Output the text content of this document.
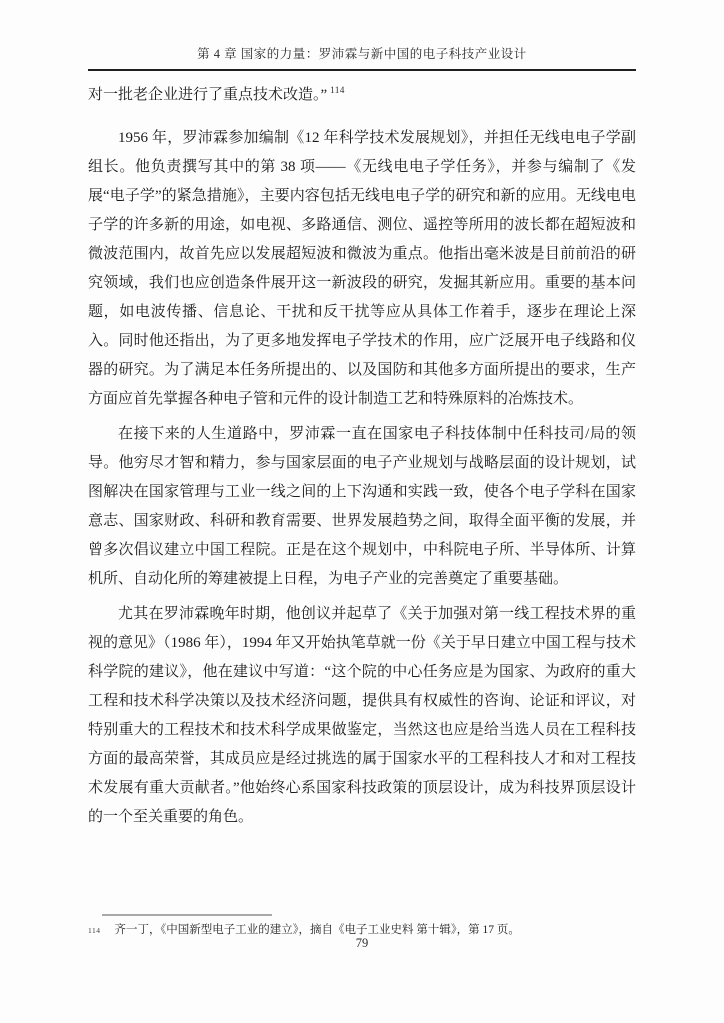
第 4 章 国家的力量：罗沛霖与新中国的电子科技产业设计

对一批老企业进行了重点技术改造。” $^{114}$

1956 年，罗沛霖参加编制《12 年科学技术发展规划》，并担任无线电电子学副组长。他负责撰写其中的第 38 项——《无线电电子学任务》，并参与编制了《发展“电子学”的紧急措施》，主要内容包括无线电电子学的研究和新的应用。无线电电子学的许多新的用途，如电视、多路通信、测位、遥控等所用的波长都在超短波和微波范围内，故首先应以发展超短波和微波为重点。他指出毫米波是目前前沿的研究领域，我们也应创造条件展开这一新波段的研究，发掘其新应用。重要的基本问题，如电波传播、信息论、干扰和反干扰等应从具体工作着手，逐步在理论上深入。同时他还指出，为了更多地发挥电子学技术的作用，应广泛展开电子线路和仪器的研究。为了满足本任务所提出的、以及国防和其他多方面所提出的要求，生产方面应首先掌握各种电子管和元件的设计制造工艺和特殊原料的冶炼技术。

在接下来的人生道路中，罗沛霖一直在国家电子科技体制中任科技司/局的领导。他穷尽才智和精力，参与国家层面的电子产业规划与战略层面的设计规划，试图解决在国家管理与工业一线之间的上下沟通和实践一致，使各个电子学科在国家意志、国家财政、科研和教育需要、世界发展趋势之间，取得全面平衡的发展，并曾多次倡议建立中国工程院。正是在这个规划中，中科院电子所、半导体所、计算机所、自动化所的筹建被提上日程，为电子产业的完善奠定了重要基础。

尤其在罗沛霖晚年时期，他创议并起草了《关于加强对第一线工程技术界的重视的意见》（1986 年），1994 年又开始执笔草就一份《关于早日建立中国工程与技术科学院的建议》，他在建议中写道：“这个院的中心任务应是为国家、为政府的重大工程和技术科学决策以及技术经济问题，提供具有权威性的咨询、论证和评议，对特别重大的工程技术和技术科学成果做鉴定，当然这也应是给当选人员在工程科技方面的最高荣誉，其成员应是经过挑选的属于国家水平的工程科技人才和对工程技术发展有重大贡献者。”他始终心系国家科技政策的顶层设计，成为科技界顶层设计的一个至关重要的角色。

114 齐一丁，《中国新型电子工业的建立》，摘自《电子工业史料 第十辑》，第 17 页。
79
